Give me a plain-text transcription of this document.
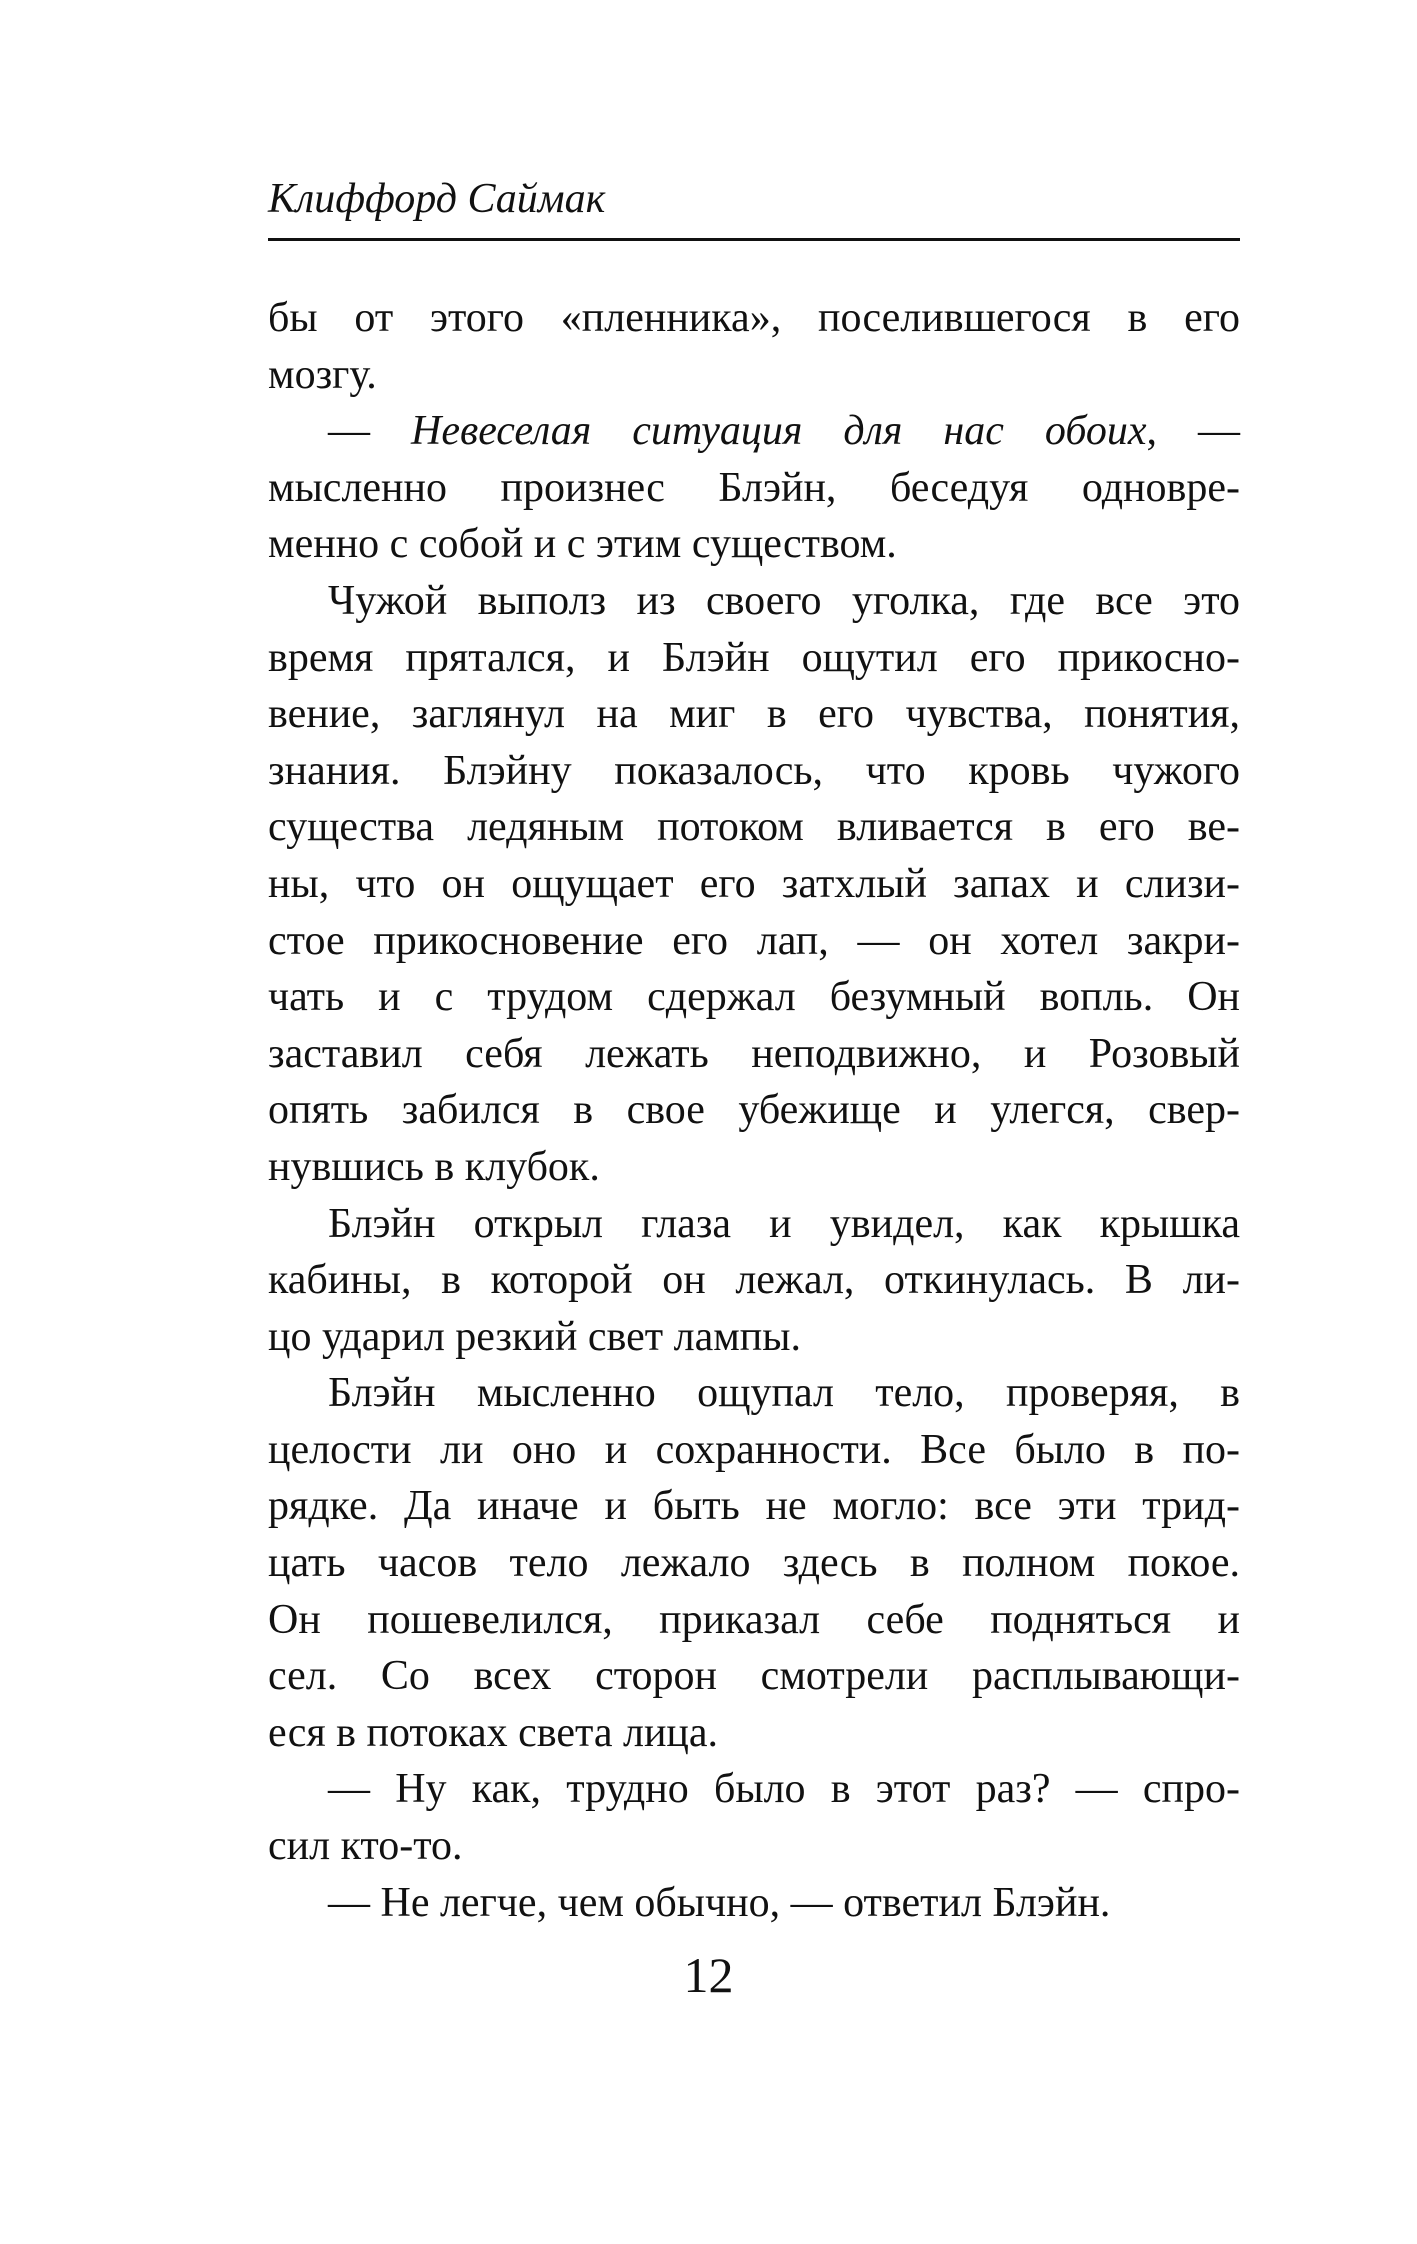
Клиффорд Саймак
бы от этого «пленника», поселившегося в его
мозгу.
— Невеселая ситуация для нас обоих, —
мысленно произнес Блэйн, беседуя одновре-
менно с собой и с этим существом.
Чужой выполз из своего уголка, где все это
время прятался, и Блэйн ощутил его прикосно-
вение, заглянул на миг в его чувства, понятия,
знания. Блэйну показалось, что кровь чужого
существа ледяным потоком вливается в его ве-
ны, что он ощущает его затхлый запах и слизи-
стое прикосновение его лап, — он хотел закри-
чать и с трудом сдержал безумный вопль. Он
заставил себя лежать неподвижно, и Розовый
опять забился в свое убежище и улегся, свер-
нувшись в клубок.
Блэйн открыл глаза и увидел, как крышка
кабины, в которой он лежал, откинулась. В ли-
цо ударил резкий свет лампы.
Блэйн мысленно ощупал тело, проверяя, в
целости ли оно и сохранности. Все было в по-
рядке. Да иначе и быть не могло: все эти трид-
цать часов тело лежало здесь в полном покое.
Он пошевелился, приказал себе подняться и
сел. Со всех сторон смотрели расплывающи-
еся в потоках света лица.
— Ну как, трудно было в этот раз? — спро-
сил кто-то.
— Не легче, чем обычно, — ответил Блэйн.
12
